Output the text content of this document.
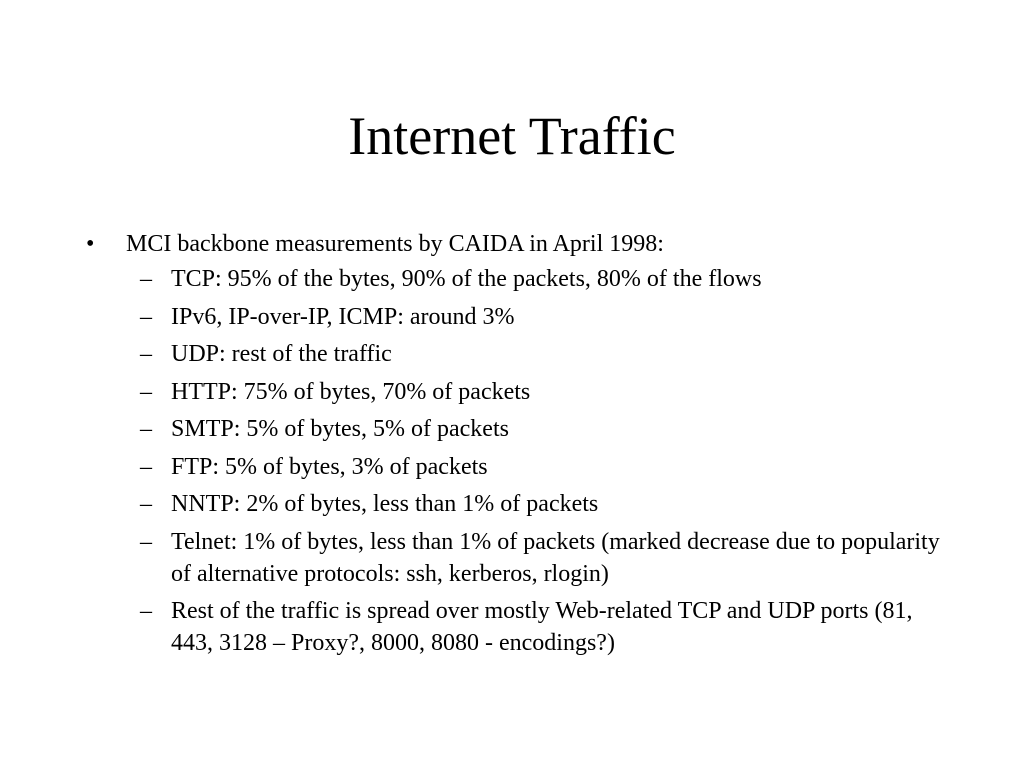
Internet Traffic
•	MCI backbone measurements by CAIDA in April 1998:
– TCP: 95% of the bytes, 90% of the packets, 80% of the flows
– IPv6, IP-over-IP, ICMP: around 3%
– UDP: rest of the traffic
– HTTP: 75% of bytes, 70% of packets
– SMTP: 5% of bytes, 5% of packets
– FTP: 5% of bytes, 3% of packets
– NNTP: 2% of bytes, less than 1% of packets
– Telnet: 1% of bytes, less than 1% of packets (marked decrease due to popularity of alternative protocols: ssh, kerberos, rlogin)
– Rest of the traffic is spread over mostly Web-related TCP and UDP ports (81, 443, 3128 – Proxy?, 8000, 8080 - encodings?)
